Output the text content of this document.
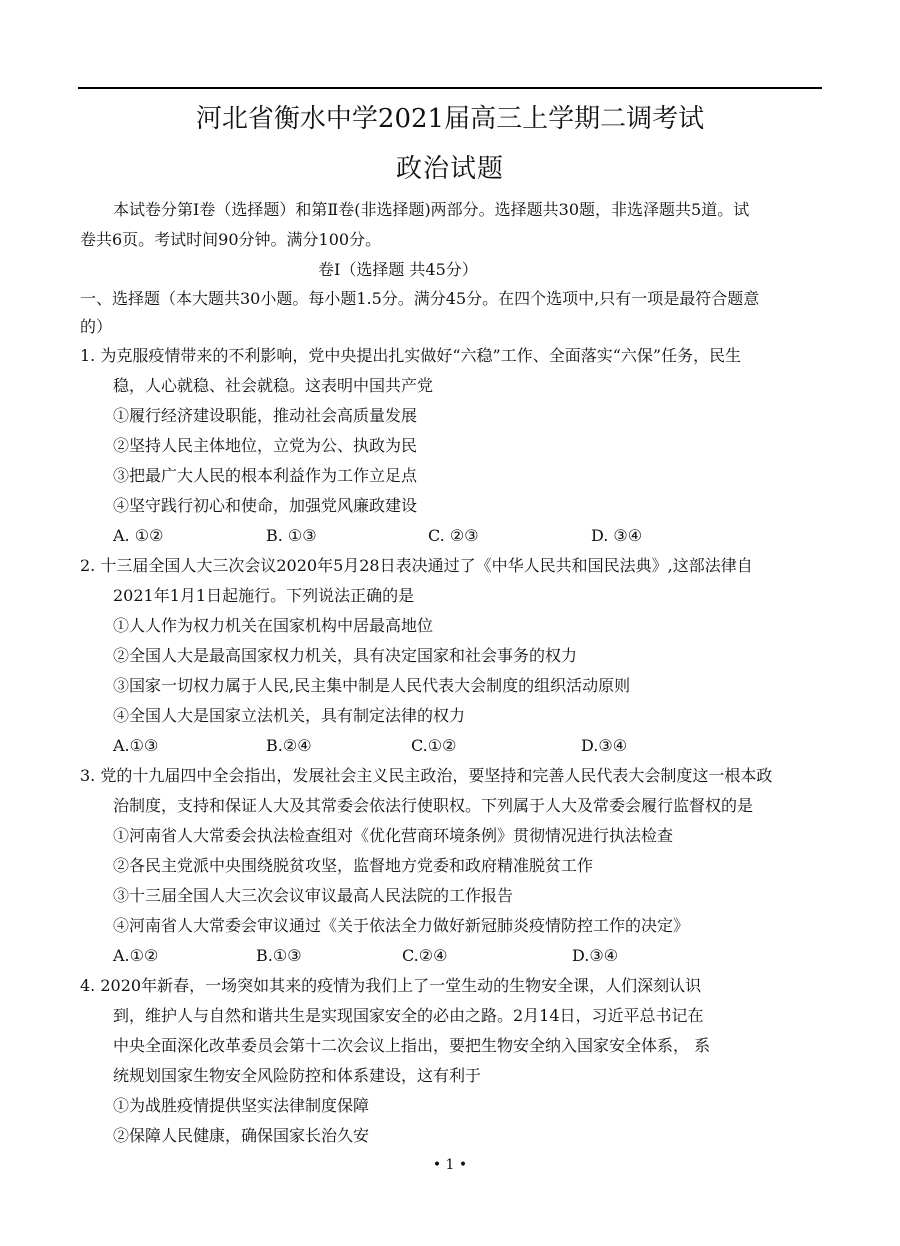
河北省衡水中学2021届高三上学期二调考试
政治试题
本试卷分第Ⅰ卷（选择题）和第Ⅱ卷(非选择题)两部分。选择题共30题，非选泽题共5道。试
卷共6页。考试时间90分钟。满分100分。
卷Ⅰ（选择题 共45分）
一、选择题（本大题共30小题。每小题1.5分。满分45分。在四个选项中,只有一项是最符合题意
的）
1. 为克服疫情带来的不利影响，党中央提出扎实做好“六稳”工作、全面落实“六保”任务，民生
稳，人心就稳、社会就稳。这表明中国共产党
①履行经济建设职能，推动社会高质量发展
②坚持人民主体地位，立党为公、执政为民
③把最广大人民的根本利益作为工作立足点
④坚守践行初心和使命，加强党风廉政建设
A. ①②	B. ①③	C. ②③	D. ③④
2. 十三届全国人大三次会议2020年5月28日表决通过了《中华人民共和国民法典》,这部法律自
2021年1月1日起施行。下列说法正确的是
①人人作为权力机关在国家机构中居最高地位
②全国人大是最高国家权力机关，具有决定国家和社会事务的权力
③国家一切权力属于人民,民主集中制是人民代表大会制度的组织活动原则
④全国人大是国家立法机关，具有制定法律的权力
A.①③	B.②④	C.①②	D.③④
3. 党的十九届四中全会指出，发展社会主义民主政治，要坚持和完善人民代表大会制度这一根本政
治制度，支持和保证人大及其常委会依法行使职权。下列属于人大及常委会履行监督权的是
①河南省人大常委会执法检查组对《优化营商环境条例》贯彻情况进行执法检查
②各民主党派中央围绕脱贫攻坚，监督地方党委和政府精准脱贫工作
③十三届全国人大三次会议审议最高人民法院的工作报告
④河南省人大常委会审议通过《关于依法全力做好新冠肺炎疫情防控工作的决定》
A.①②	B.①③	C.②④	D.③④
4. 2020年新春，一场突如其来的疫情为我们上了一堂生动的生物安全课，人们深刻认识
到，维护人与自然和谐共生是实现国家安全的必由之路。2月14日，习近平总书记在
中央全面深化改革委员会第十二次会议上指出，要把生物安全纳入国家安全体系， 系
统规划国家生物安全风险防控和体系建设，这有利于
①为战胜疫情提供坚实法律制度保障
②保障人民健康，确保国家长治久安
• 1 •
